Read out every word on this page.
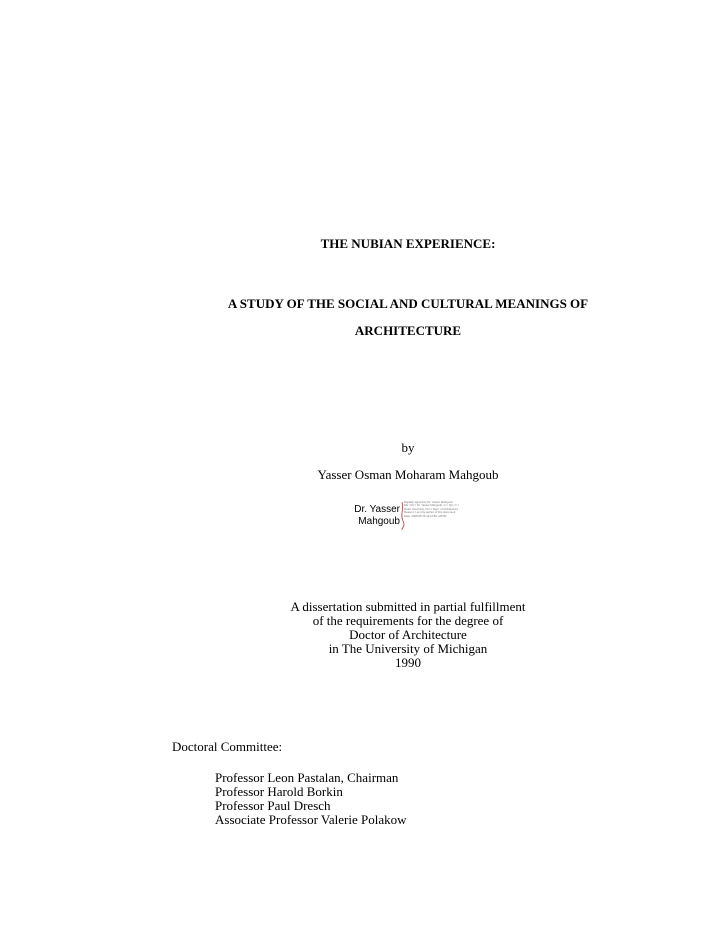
THE NUBIAN EXPERIENCE:
A STUDY OF THE SOCIAL AND CULTURAL MEANINGS OF
ARCHITECTURE
by
Yasser Osman Moharam Mahgoub
Dr. Yasser
Mahgoub
Digitally signed by Dr. Yasser Mahgoub
DN: CN = Dr. Yasser Mahgoub, C = QA, O = Qatar University, OU = Dept. of Architecture
Reason: I am the author of this document
Date: 2008.08.16 12:11:56 +03'00'
A dissertation submitted in partial fulfillment
of the requirements for the degree of
Doctor of Architecture
in The University of Michigan
1990
Doctoral Committee:
Professor Leon Pastalan, Chairman
Professor Harold Borkin
Professor Paul Dresch
Associate Professor Valerie Polakow
